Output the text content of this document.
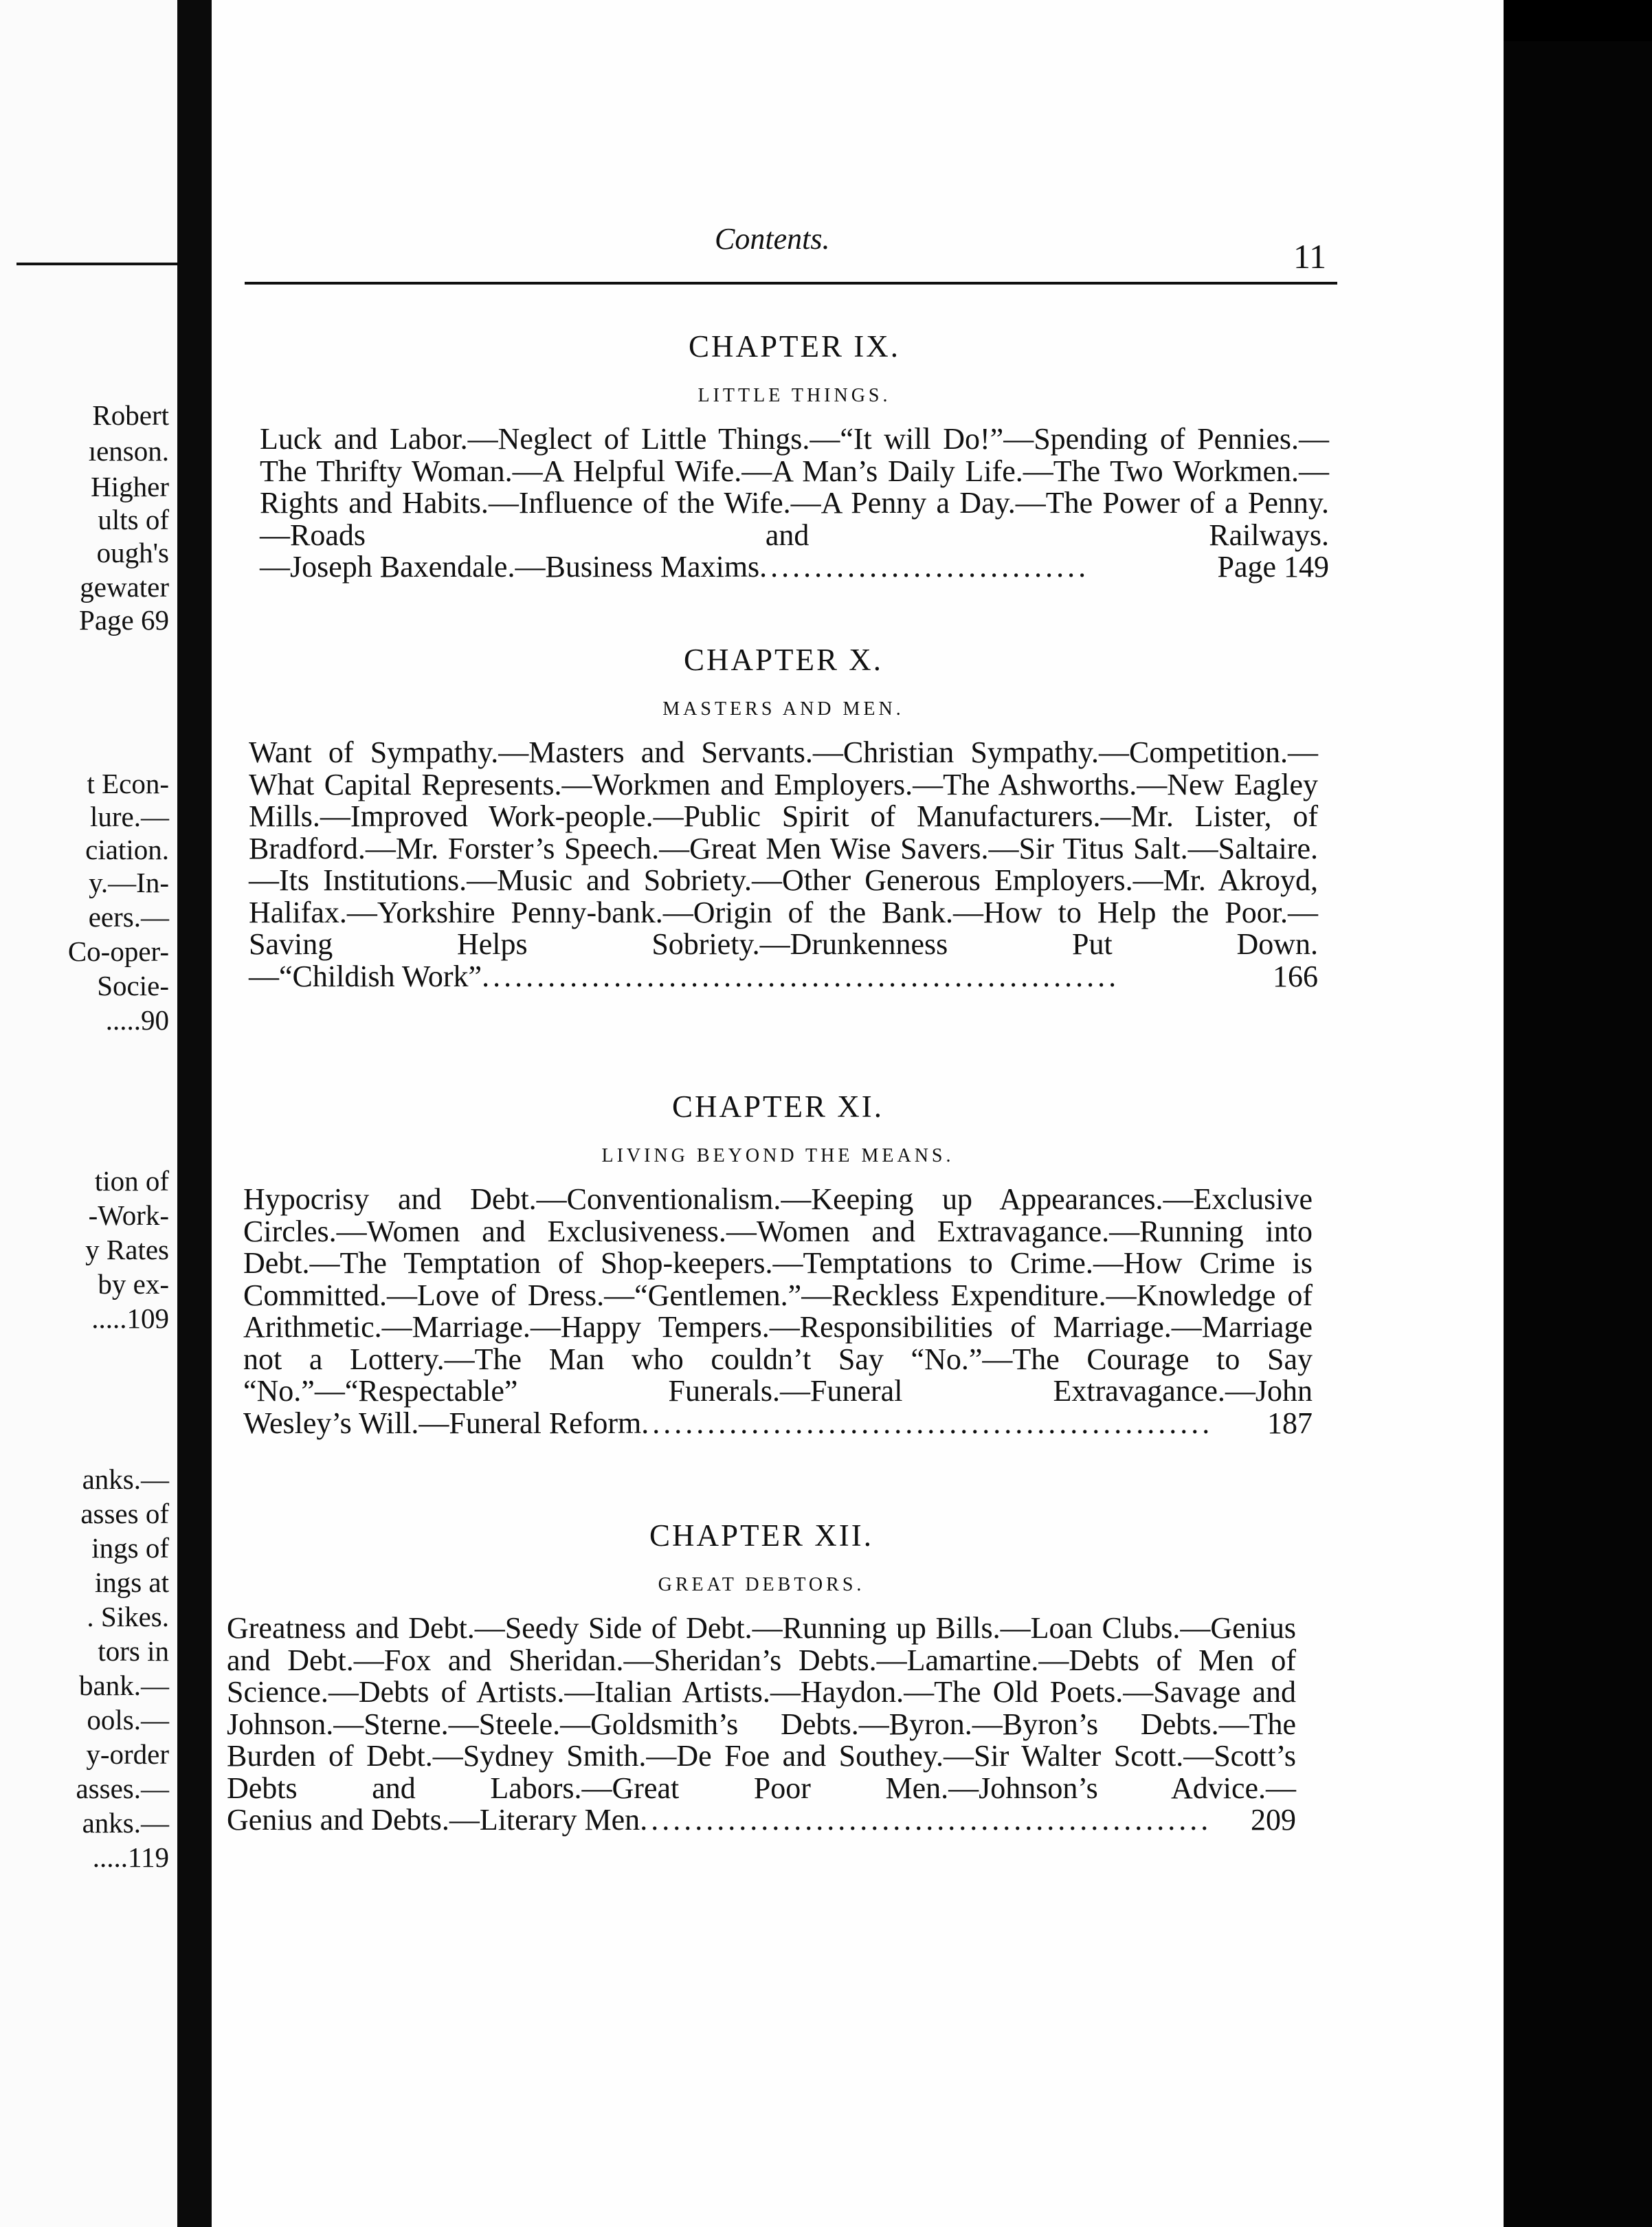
Robert
ıenson.
Higher
ults of
ough's
gewater
Page 69
t Econ-
lure.—
ciation.
y.—In-
eers.—
Co-oper-
Socie-
.....90
tion of
-Work-
y Rates
by ex-
.....109
anks.—
asses of
ings of
ings at
. Sikes.
tors in
bank.—
ools.—
y-order
asses.—
anks.—
.....119
Contents.	11
CHAPTER IX.
LITTLE THINGS.
Luck and Labor.—Neglect of Little Things.—“It will Do!”—Spending of Pennies.—The Thrifty Woman.—A Helpful Wife.—A Man’s Daily Life.—The Two Workmen.—Rights and Habits.—Influence of the Wife.—A Penny a Day.—The Power of a Penny.—Roads and Railways.
—Joseph Baxendale.—Business Maxims..............................	Page 149
CHAPTER X.
MASTERS AND MEN.
Want of Sympathy.—Masters and Servants.—Christian Sympathy.—Competition.—What Capital Represents.—Workmen and Employers.—The Ashworths.—New Eagley Mills.—Improved Work-people.—Public Spirit of Manufacturers.—Mr. Lister, of Bradford.—Mr. Forster’s Speech.—Great Men Wise Savers.—Sir Titus Salt.—Saltaire.—Its Institutions.—Music and Sobriety.—Other Generous Employers.—Mr. Akroyd, Halifax.—Yorkshire Penny-bank.—Origin of the Bank.—How to Help the Poor.—Saving Helps Sobriety.—Drunkenness Put Down.
—“Childish Work”..........................................................	166
CHAPTER XI.
LIVING BEYOND THE MEANS.
Hypocrisy and Debt.—Conventionalism.—Keeping up Appearances.—Exclusive Circles.—Women and Exclusiveness.—Women and Extravagance.—Running into Debt.—The Temptation of Shop-keepers.—Temptations to Crime.—How Crime is Committed.—Love of Dress.—“Gentlemen.”—Reckless Expenditure.—Knowledge of Arithmetic.—Marriage.—Happy Tempers.—Responsibilities of Marriage.—Marriage not a Lottery.—The Man who couldn’t Say “No.”—The Courage to Say “No.”—“Respectable” Funerals.—Funeral Extravagance.—John
Wesley’s Will.—Funeral Reform.................................................... 187
CHAPTER XII.
GREAT DEBTORS.
Greatness and Debt.—Seedy Side of Debt.—Running up Bills.—Loan Clubs.—Genius and Debt.—Fox and Sheridan.—Sheridan’s Debts.—Lamartine.—Debts of Men of Science.—Debts of Artists.—Italian Artists.—Haydon.—The Old Poets.—Savage and Johnson.—Sterne.—Steele.—Goldsmith’s Debts.—Byron.—Byron’s Debts.—The Burden of Debt.—Sydney Smith.—De Foe and Southey.—Sir Walter Scott.—Scott’s Debts and Labors.—Great Poor Men.—Johnson’s Advice.—
Genius and Debts.—Literary Men.................................................... 209
